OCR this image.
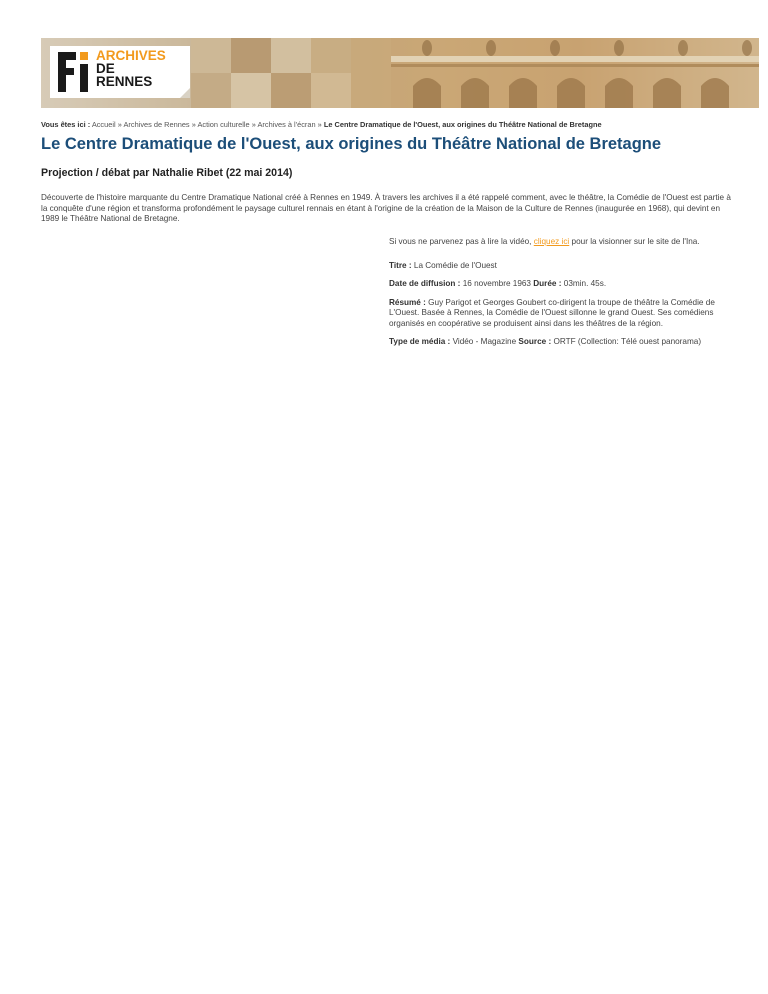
ARCHIVES
DE
RENNES
Vous êtes ici : Accueil » Archives de Rennes » Action culturelle » Archives à l'écran » Le Centre Dramatique de l'Ouest, aux origines du Théâtre National de Bretagne
Le Centre Dramatique de l'Ouest, aux origines du Théâtre National de Bretagne
Projection / débat par Nathalie Ribet (22 mai 2014)

Découverte de l'histoire marquante du Centre Dramatique National créé à Rennes en 1949. À travers les archives il a été rappelé comment, avec le théâtre, la Comédie de l'Ouest est partie à la conquête d'une région et transforma profondément le paysage culturel rennais en étant à l'origine de la création de la Maison de la Culture de Rennes (inaugurée en 1968), qui devint en 1989 le Théâtre National de Bretagne.

Si vous ne parvenez pas à lire la vidéo, cliquez ici pour la visionner sur le site de l'Ina.

Titre : La Comédie de l'Ouest

Date de diffusion : 16 novembre 1963 Durée : 03min. 45s.

Résumé : Guy Parigot et Georges Goubert co-dirigent la troupe de théâtre la Comédie de L'Ouest. Basée à Rennes, la Comédie de l'Ouest sillonne le grand Ouest. Ses comédiens organisés en coopérative se produisent ainsi dans les théâtres de la région.

Type de média : Vidéo - Magazine Source : ORTF (Collection: Télé ouest panorama)
